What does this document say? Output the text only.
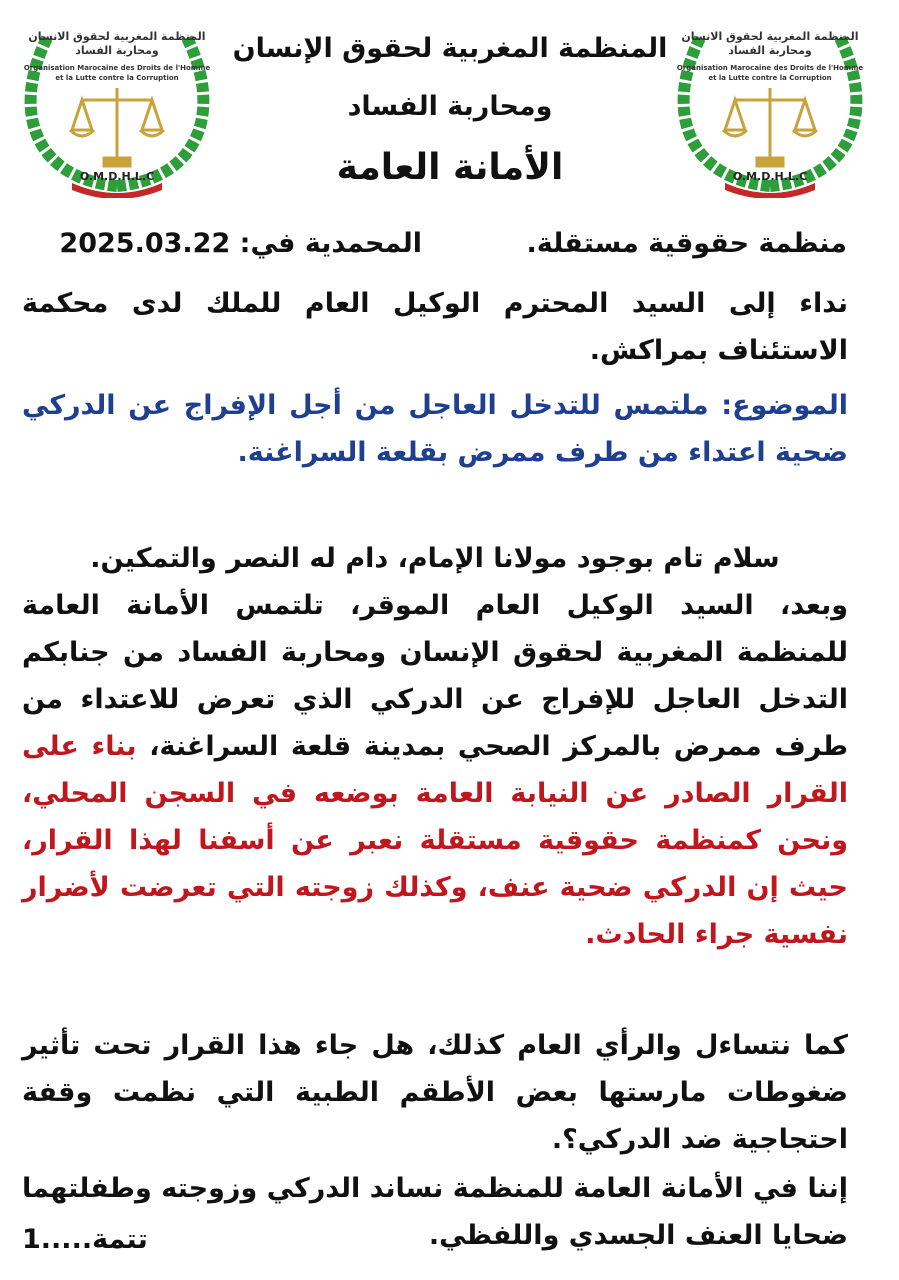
المنظمة المغربية لحقوق الانسان
ومحاربة الفساد
Organisation Marocaine des Droits de l'Homme
et la Lutte contre la Corruption
O.M.D.H.L.C
المنظمة المغربية لحقوق الانسان
ومحاربة الفساد
Organisation Marocaine des Droits de l'Homme
et la Lutte contre la Corruption
O.M.D.H.L.C
المنظمة المغربية لحقوق الإنسان
ومحاربة الفساد
الأمانة العامة
منظمة حقوقية مستقلة.
المحمدية في: 2025.03.22
نداء إلى السيد المحترم الوكيل العام للملك لدى محكمة الاستئناف بمراكش.
الموضوع: ملتمس للتدخل العاجل من أجل الإفراج عن الدركي ضحية اعتداء من طرف ممرض بقلعة السراغنة.
سلام تام بوجود مولانا الإمام، دام له النصر والتمكين.
وبعد، السيد الوكيل العام الموقر، تلتمس الأمانة العامة للمنظمة المغربية لحقوق الإنسان ومحاربة الفساد من جنابكم التدخل العاجل للإفراج عن الدركي الذي تعرض للاعتداء من طرف ممرض بالمركز الصحي بمدينة قلعة السراغنة، بناء على القرار الصادر عن النيابة العامة بوضعه في السجن المحلي، ونحن كمنظمة حقوقية مستقلة نعبر عن أسفنا لهذا القرار، حيث إن الدركي ضحية عنف، وكذلك زوجته التي تعرضت لأضرار نفسية جراء الحادث.
كما نتساءل والرأي العام كذلك، هل جاء هذا القرار تحت تأثير ضغوطات مارستها بعض الأطقم الطبية التي نظمت وقفة احتجاجية ضد الدركي؟.
إننا في الأمانة العامة للمنظمة نساند الدركي وزوجته وطفلتهما ضحايا العنف الجسدي واللفظي.
تتمة.....1
